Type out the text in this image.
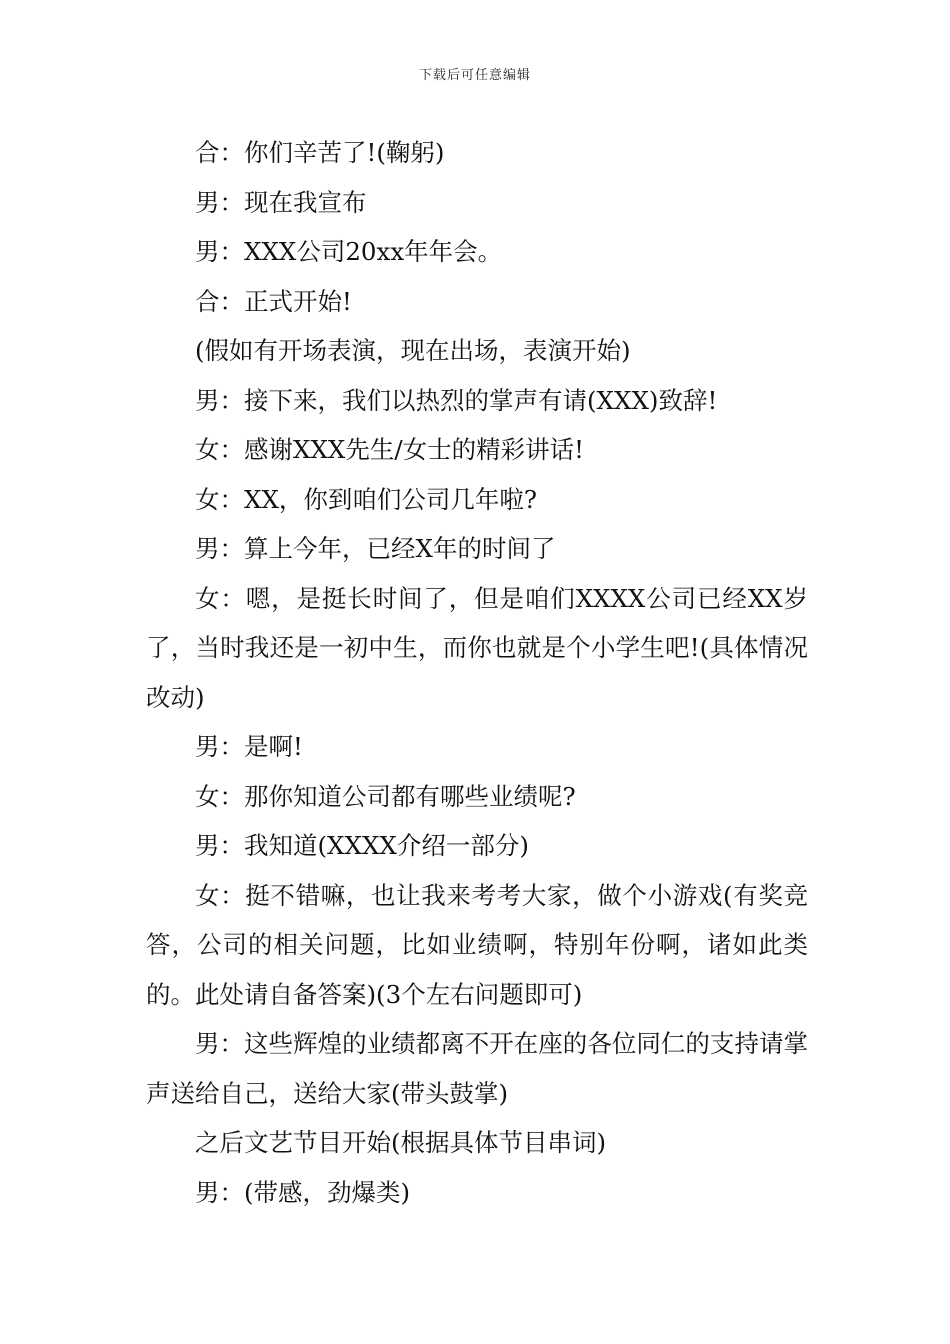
下载后可任意编辑

合：你们辛苦了!(鞠躬)

男：现在我宣布

男：XXX公司20xx年年会。

合：正式开始!

(假如有开场表演，现在出场，表演开始)

男：接下来，我们以热烈的掌声有请(XXX)致辞!

女：感谢XXX先生/女士的精彩讲话!

女：XX，你到咱们公司几年啦?

男：算上今年，已经X年的时间了

女：嗯，是挺长时间了，但是咱们XXXX公司已经XX岁了，当时我还是一初中生，而你也就是个小学生吧!(具体情况改动)

男：是啊!

女：那你知道公司都有哪些业绩呢?

男：我知道(XXXX介绍一部分)

女：挺不错嘛，也让我来考考大家，做个小游戏(有奖竞答，公司的相关问题，比如业绩啊，特别年份啊，诸如此类的。此处请自备答案)(3个左右问题即可)

男：这些辉煌的业绩都离不开在座的各位同仁的支持请掌声送给自己，送给大家(带头鼓掌)

之后文艺节目开始(根据具体节目串词)

男：(带感，劲爆类)
